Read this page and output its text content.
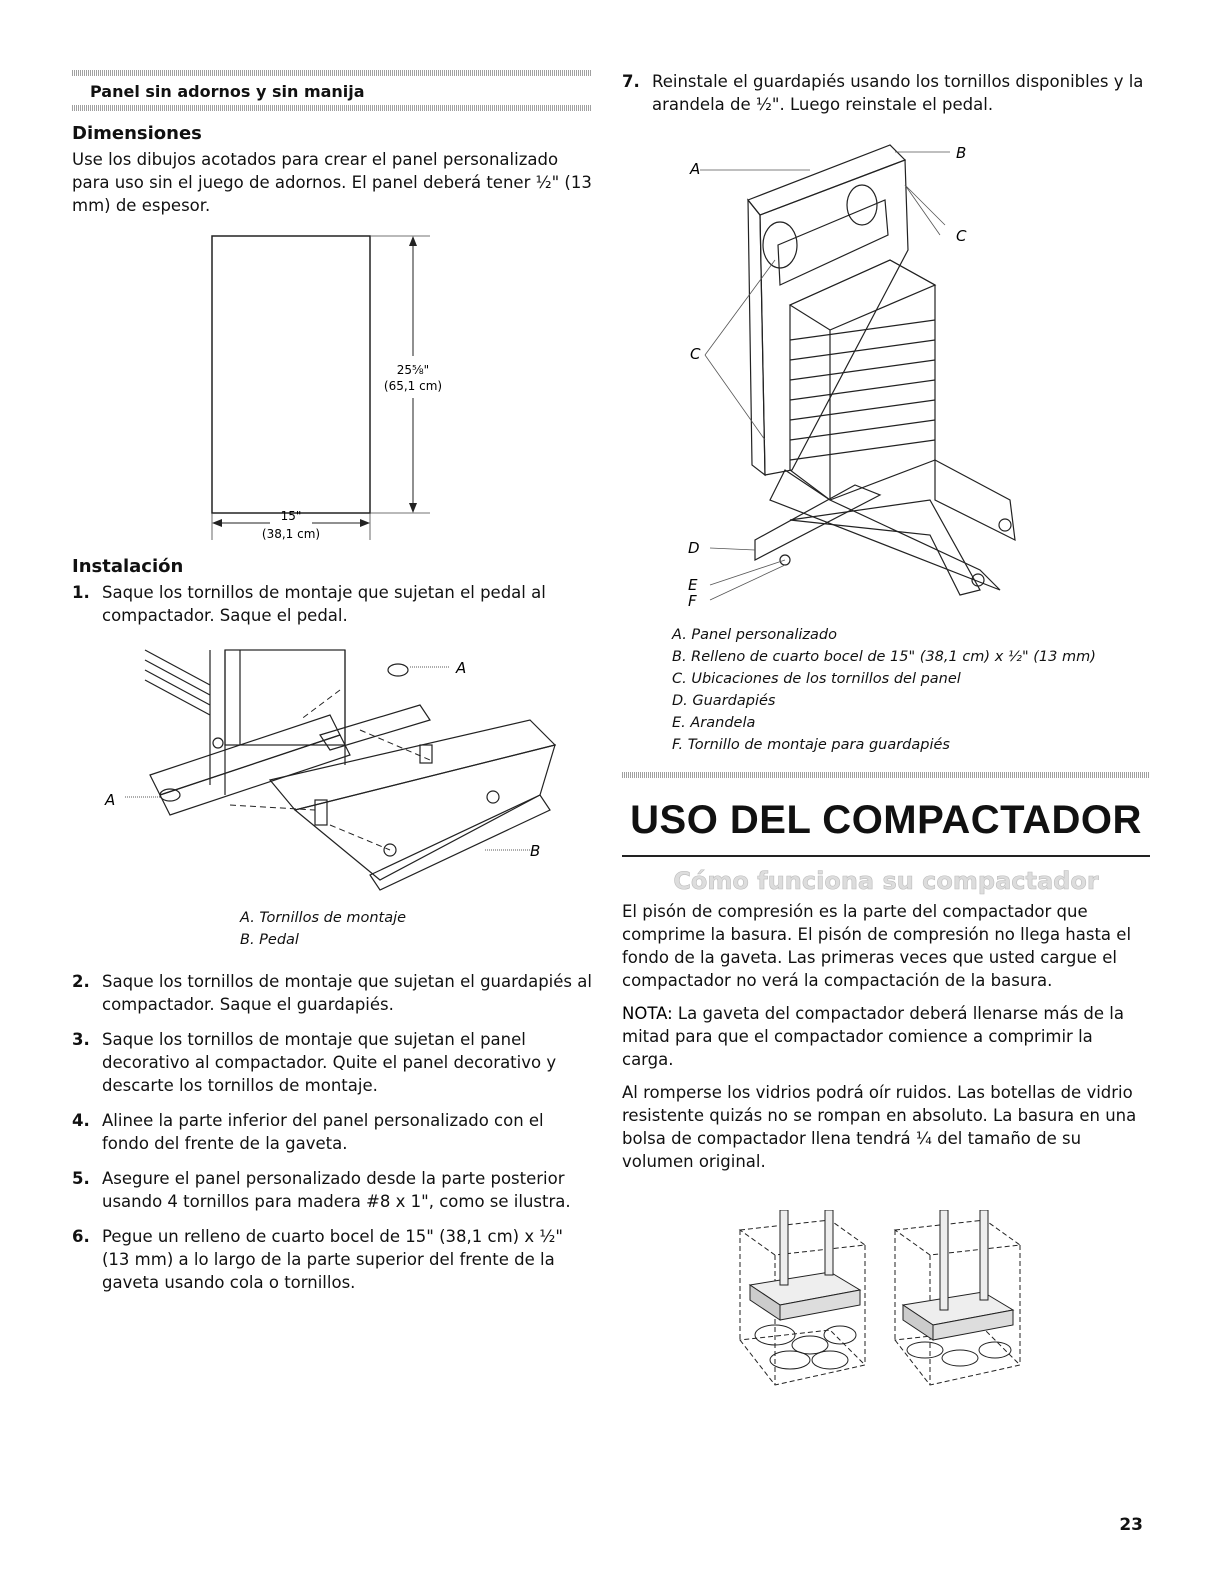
Panel sin adornos y sin manija
Dimensiones

Use los dibujos acotados para crear el panel personalizado para uso sin el juego de adornos. El panel deberá tener ½" (13 mm) de espesor.

25⅝"
(65,1 cm)
15"
(38,1 cm)
Instalación
1. Saque los tornillos de montaje que sujetan el pedal al compactador. Saque el pedal.
A
A
B
A. Tornillos de montaje
B. Pedal
2. Saque los tornillos de montaje que sujetan el guardapiés al compactador. Saque el guardapiés.
3. Saque los tornillos de montaje que sujetan el panel decorativo al compactador. Quite el panel decorativo y descarte los tornillos de montaje.
4. Alinee la parte inferior del panel personalizado con el fondo del frente de la gaveta.
5. Asegure el panel personalizado desde la parte posterior usando 4 tornillos para madera #8 x 1", como se ilustra.
6. Pegue un relleno de cuarto bocel de 15" (38,1 cm) x ½" (13 mm) a lo largo de la parte superior del frente de la gaveta usando cola o tornillos.
7. Reinstale el guardapiés usando los tornillos disponibles y la arandela de ½". Luego reinstale el pedal.
A
B
C
C
D
E
F
A. Panel personalizado
B. Relleno de cuarto bocel de 15" (38,1 cm) x ½" (13 mm)
C. Ubicaciones de los tornillos del panel
D. Guardapiés
E. Arandela
F. Tornillo de montaje para guardapiés
USO DEL COMPACTADOR
Cómo funciona su compactador

El pisón de compresión es la parte del compactador que comprime la basura. El pisón de compresión no llega hasta el fondo de la gaveta. Las primeras veces que usted cargue el compactador no verá la compactación de la basura.

NOTA: La gaveta del compactador deberá llenarse más de la mitad para que el compactador comience a comprimir la carga.

Al romperse los vidrios podrá oír ruidos. Las botellas de vidrio resistente quizás no se rompan en absoluto. La basura en una bolsa de compactador llena tendrá ¼ del tamaño de su volumen original.

23
